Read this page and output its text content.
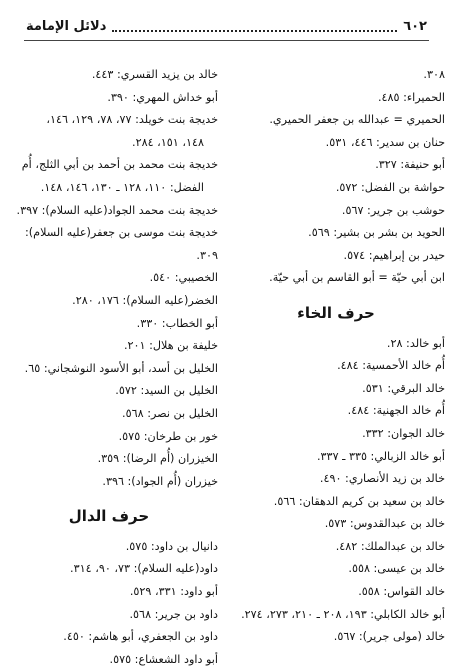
٦٠٢
دلائل الإمامة

٣٠٨.

الحميراء: ٤٨٥.

الحميري = عبدالله بن جعفر الحميري.

حنان بن سدير: ٤٤٦، ٥٣١.

أبو حنيفة: ٣٢٧.

حواشة بن الفضل: ٥٧٢.

حوشب بن جرير: ٥٦٧.

الحويد بن بشر بن بشير: ٥٦٩.

حيدر بن إبراهيم: ٥٧٤.

ابن أبي حيّة = أبو القاسم بن أبي حيّة.

حرف الخاء

أبو خالد: ٢٨.

أُم خالد الأحمسية: ٤٨٤.

خالد البرقي: ٥٣١.

أُم خالد الجهنية: ٤٨٤.

خالد الجوان: ٣٣٢.

أبو خالد الزبالي: ٣٣٥ ـ ٣٣٧.

خالد بن زيد الأنصاري: ٤٩٠.

خالد بن سعيد بن كريم الدهقان: ٥٦٦.

خالد بن عبدالقدوس: ٥٧٣.

خالد بن عبدالملك: ٤٨٢.

خالد بن عيسى: ٥٥٨.

خالد القواس: ٥٥٨.

أبو خالد الكابلي: ١٩٣، ٢٠٨ ـ ٢١٠، ٢٧٣، ٢٧٤.

خالد (مولى جرير): ٥٦٧.

خالد بن يزيد القسري: ٤٤٣.

أبو خداش المهري: ٣٩٠.

خديجة بنت خويلد: ٧٧، ٧٨، ١٢٩، ١٤٦،

١٤٨، ١٥١، ٢٨٤.

خديجة بنت محمد بن أحمد بن أبي الثلج، أُم

الفضل: ١١٠، ١٢٨ ـ ١٣٠، ١٤٦، ١٤٨.

خديجة بنت محمد الجواد(عليه السلام): ٣٩٧.

خديجة بنت موسى بن جعفر(عليه السلام): ٣٠٩.

الخصيبي: ٥٤٠.

الخضر(عليه السلام): ١٧٦، ٢٨٠.

أبو الخطاب: ٣٣٠.

خليفة بن هلال: ٢٠١.

الخليل بن أسد، أبو الأسود النوشجاني: ٦٥.

الخليل بن السيد: ٥٧٢.

الخليل بن نصر: ٥٦٨.

خور بن طرخان: ٥٧٥.

الخيزران (أُم الرضا): ٣٥٩.

خيزران (أُم الجواد): ٣٩٦.

حرف الدال

دانيال بن داود: ٥٧٥.

داود(عليه السلام): ٧٣، ٩٠، ٣١٤.

أبو داود: ٣٣١، ٥٢٩.

داود بن جرير: ٥٦٨.

داود بن الجعفري، أبو هاشم: ٤٥٠.

أبو داود الشعشاع: ٥٧٥.
